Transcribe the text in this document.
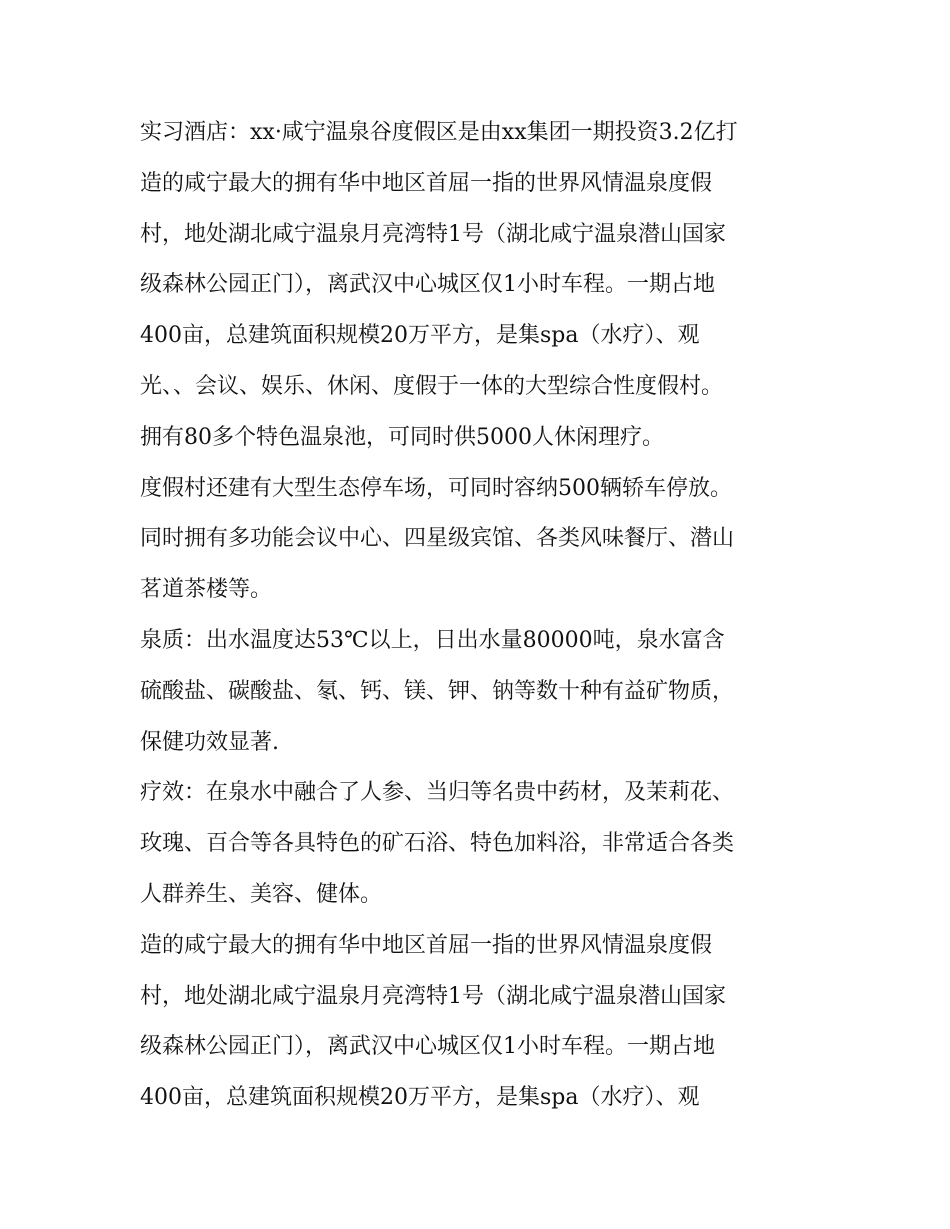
实习酒店：xx·咸宁温泉谷度假区是由xx集团一期投资3.2亿打
造的咸宁最大的拥有华中地区首屈一指的世界风情温泉度假
村，地处湖北咸宁温泉月亮湾特1号（湖北咸宁温泉潜山国家
级森林公园正门），离武汉中心城区仅1小时车程。一期占地
400亩，总建筑面积规模20万平方，是集spa（水疗）、观
光、、会议、娱乐、休闲、度假于一体的大型综合性度假村。
拥有80多个特色温泉池，可同时供5000人休闲理疗。
度假村还建有大型生态停车场，可同时容纳500辆轿车停放。
同时拥有多功能会议中心、四星级宾馆、各类风味餐厅、潜山
茗道茶楼等。
泉质：出水温度达53℃以上，日出水量80000吨，泉水富含
硫酸盐、碳酸盐、氡、钙、镁、钾、钠等数十种有益矿物质，
保健功效显著.
疗效：在泉水中融合了人参、当归等名贵中药材，及茉莉花、
玫瑰、百合等各具特色的矿石浴、特色加料浴，非常适合各类
人群养生、美容、健体。
造的咸宁最大的拥有华中地区首屈一指的世界风情温泉度假
村，地处湖北咸宁温泉月亮湾特1号（湖北咸宁温泉潜山国家
级森林公园正门），离武汉中心城区仅1小时车程。一期占地
400亩，总建筑面积规模20万平方，是集spa（水疗）、观
